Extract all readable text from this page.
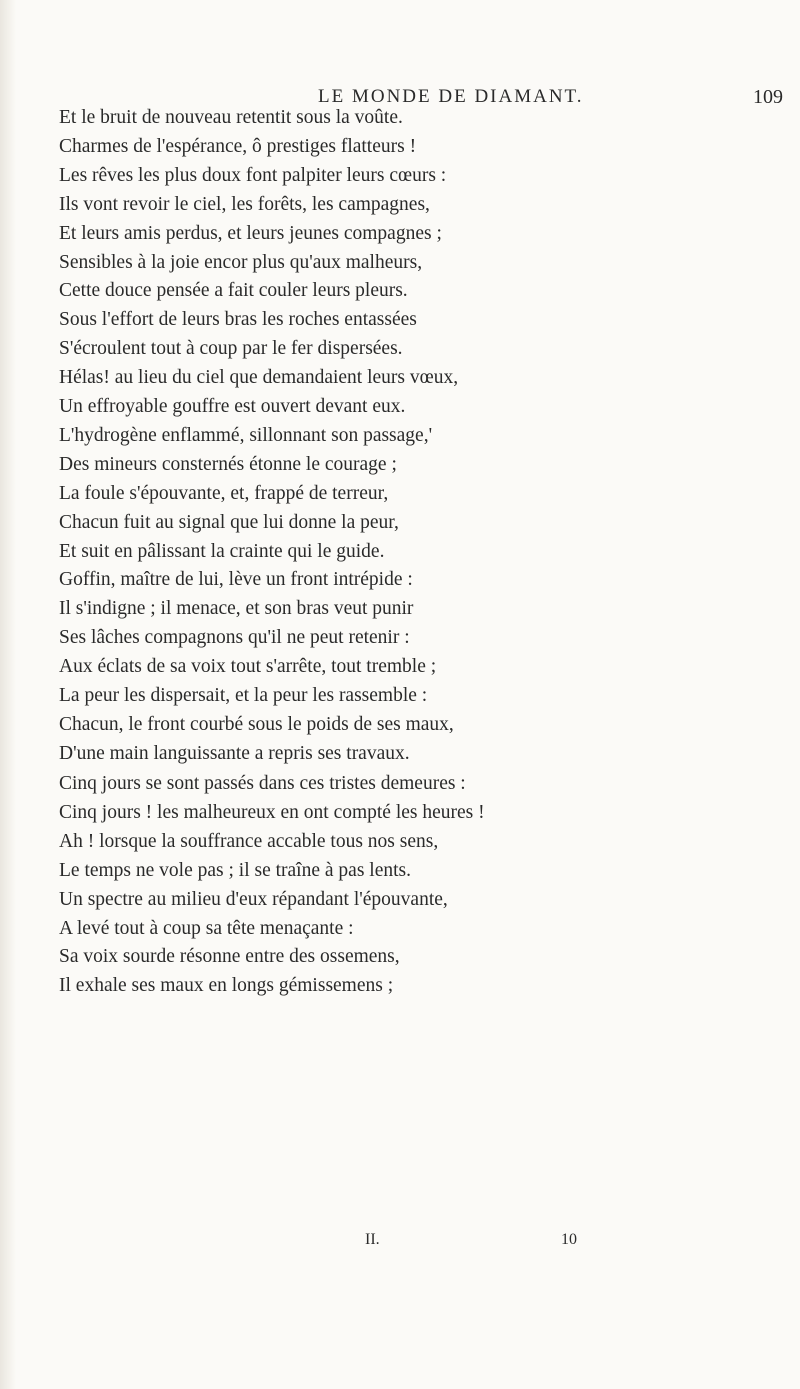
LE MONDE DE DIAMANT.	109
Et le bruit de nouveau retentit sous la voûte.
Charmes de l'espérance, ô prestiges flatteurs !
Les rêves les plus doux font palpiter leurs cœurs :
Ils vont revoir le ciel, les forêts, les campagnes,
Et leurs amis perdus, et leurs jeunes compagnes ;
Sensibles à la joie encor plus qu'aux malheurs,
Cette douce pensée a fait couler leurs pleurs.
Sous l'effort de leurs bras les roches entassées
S'écroulent tout à coup par le fer dispersées.
Hélas! au lieu du ciel que demandaient leurs vœux,
Un effroyable gouffre est ouvert devant eux.
L'hydrogène enflammé, sillonnant son passage,'
Des mineurs consternés étonne le courage ;
La foule s'épouvante, et, frappé de terreur,
Chacun fuit au signal que lui donne la peur,
Et suit en pâlissant la crainte qui le guide.
Goffin, maître de lui, lève un front intrépide :
Il s'indigne ; il menace, et son bras veut punir
Ses lâches compagnons qu'il ne peut retenir :
Aux éclats de sa voix tout s'arrête, tout tremble ;
La peur les dispersait, et la peur les rassemble :
Chacun, le front courbé sous le poids de ses maux,
D'une main languissante a repris ses travaux.
Cinq jours se sont passés dans ces tristes demeures :
Cinq jours ! les malheureux en ont compté les heures !
Ah ! lorsque la souffrance accable tous nos sens,
Le temps ne vole pas ; il se traîne à pas lents.
Un spectre au milieu d'eux répandant l'épouvante,
A levé tout à coup sa tête menaçante :
Sa voix sourde résonne entre des ossemens,
Il exhale ses maux en longs gémissemens ;
II.	10
